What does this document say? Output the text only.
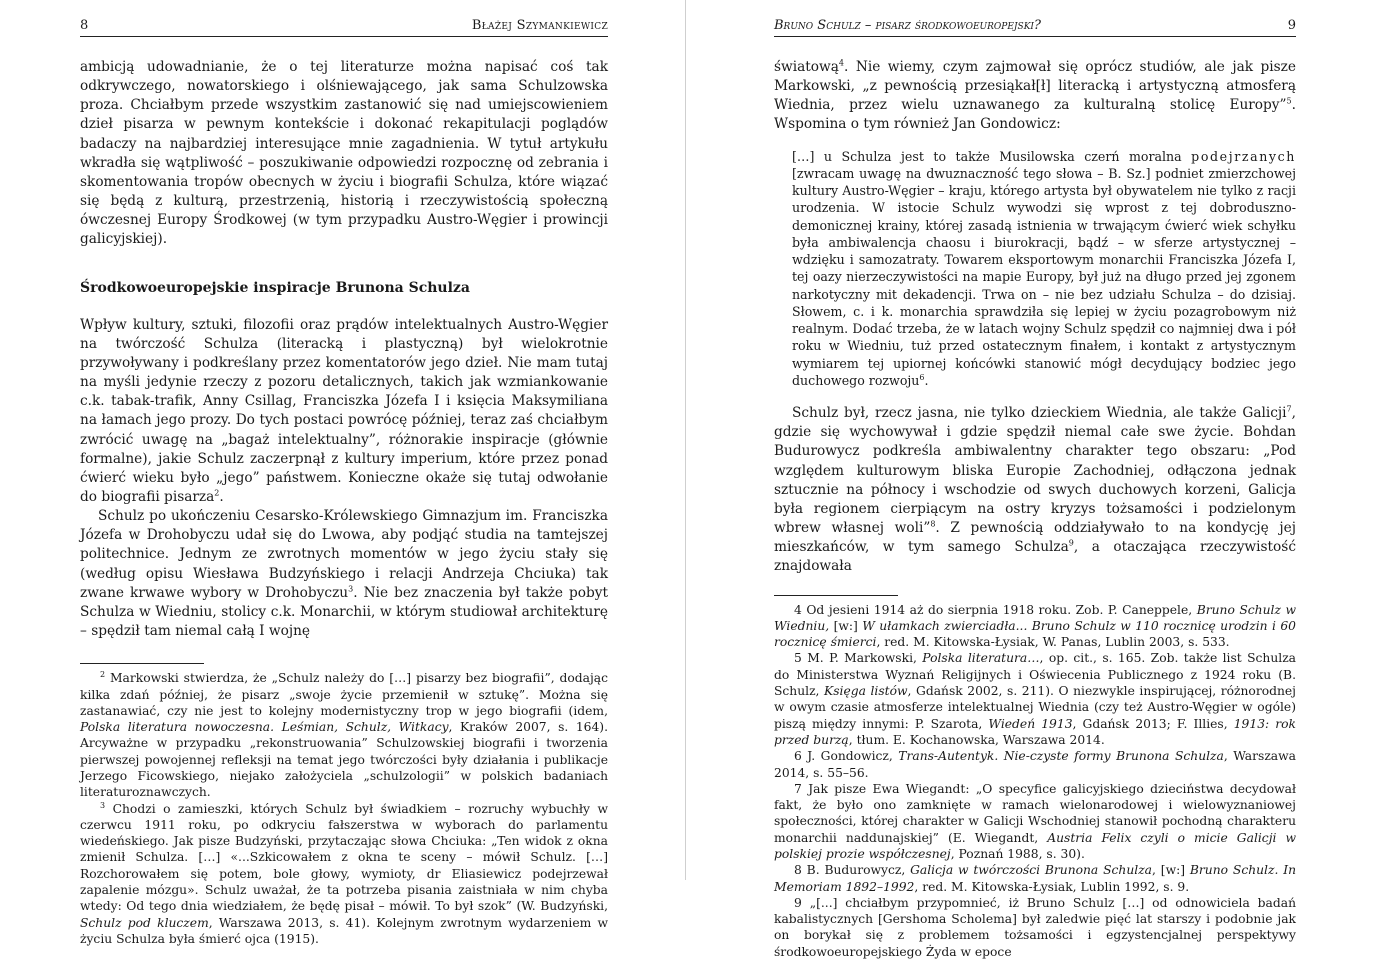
8	Błażej Szymankiewicz

ambicją udowadnianie, że o tej literaturze można napisać coś tak odkrywczego, nowatorskiego i olśniewającego, jak sama Schulzowska proza. Chciałbym przede wszystkim zastanowić się nad umiejscowieniem dzieł pisarza w pewnym kontekście i dokonać rekapitulacji poglądów badaczy na najbardziej interesujące mnie zagadnienia. W tytuł artykułu wkradła się wątpliwość – poszukiwanie odpowiedzi rozpocznę od zebrania i skomentowania tropów obecnych w życiu i biografii Schulza, które wiązać się będą z kulturą, przestrzenią, historią i rzeczywistością społeczną ówczesnej Europy Środkowej (w tym przypadku Austro-Węgier i prowincji galicyjskiej).

Środkowoeuropejskie inspiracje Brunona Schulza

Wpływ kultury, sztuki, filozofii oraz prądów intelektualnych Austro-Węgier na twórczość Schulza (literacką i plastyczną) był wielokrotnie przywoływany i podkreślany przez komentatorów jego dzieł. Nie mam tutaj na myśli jedynie rzeczy z pozoru detalicznych, takich jak wzmiankowanie c.k. tabak-trafik, Anny Csillag, Franciszka Józefa I i księcia Maksymiliana na łamach jego prozy. Do tych postaci powrócę później, teraz zaś chciałbym zwrócić uwagę na „bagaż intelektualny”, różnorakie inspiracje (głównie formalne), jakie Schulz zaczerpnął z kultury imperium, które przez ponad ćwierć wieku było „jego” państwem. Konieczne okaże się tutaj odwołanie do biografii pisarza$^2$.

Schulz po ukończeniu Cesarsko-Królewskiego Gimnazjum im. Franciszka Józefa w Drohobyczu udał się do Lwowa, aby podjąć studia na tamtejszej politechnice. Jednym ze zwrotnych momentów w jego życiu stały się (według opisu Wiesława Budzyńskiego i relacji Andrzeja Chciuka) tak zwane krwawe wybory w Drohobyczu$^3$. Nie bez znaczenia był także pobyt Schulza w Wiedniu, stolicy c.k. Monarchii, w którym studiował architekturę – spędził tam niemal całą I wojnę

$^2$ Markowski stwierdza, że „Schulz należy do […] pisarzy bez biografii”, dodając kilka zdań później, że pisarz „swoje życie przemienił w sztukę”. Można się zastanawiać, czy nie jest to kolejny modernistyczny trop w jego biografii (idem, Polska literatura nowoczesna. Leśmian, Schulz, Witkacy, Kraków 2007, s. 164). Arcyważne w przypadku „rekonstruowania” Schulzowskiej biografii i tworzenia pierwszej powojennej refleksji na temat jego twórczości były działania i publikacje Jerzego Ficowskiego, niejako założyciela „schulzologii” w polskich badaniach literaturoznawczych.

$^3$ Chodzi o zamieszki, których Schulz był świadkiem – rozruchy wybuchły w czerwcu 1911 roku, po odkryciu fałszerstwa w wyborach do parlamentu wiedeńskiego. Jak pisze Budzyński, przytaczając słowa Chciuka: „Ten widok z okna zmienił Schulza. […] «...Szkicowałem z okna te sceny – mówił Schulz. […] Rozchorowałem się potem, bole głowy, wymioty, dr Eliasiewicz podejrzewał zapalenie mózgu». Schulz uważał, że ta potrzeba pisania zaistniała w nim chyba wtedy: Od tego dnia wiedziałem, że będę pisał – mówił. To był szok” (W. Budzyński, Schulz pod kluczem, Warszawa 2013, s. 41). Kolejnym zwrotnym wydarzeniem w życiu Schulza była śmierć ojca (1915).

Bruno Schulz – pisarz środkowoeuropejski?	9

światową$^4$. Nie wiemy, czym zajmował się oprócz studiów, ale jak pisze Markowski, „z pewnością przesiąkał[ł] literacką i artystyczną atmosferą Wiednia, przez wielu uznawanego za kulturalną stolicę Europy”$^5$. Wspomina o tym również Jan Gondowicz:

[…] u Schulza jest to także Musilowska czerń moralna podejrzanych [zwracam uwagę na dwuznaczność tego słowa – B. Sz.] podniet zmierzchowej kultury Austro-Węgier – kraju, którego artysta był obywatelem nie tylko z racji urodzenia. W istocie Schulz wywodzi się wprost z tej dobroduszno-demonicznej krainy, której zasadą istnienia w trwającym ćwierć wiek schyłku była ambiwalencja chaosu i biurokracji, bądź – w sferze artystycznej – wdzięku i samozatraty. Towarem eksportowym monarchii Franciszka Józefa I, tej oazy nierzeczywistości na mapie Europy, był już na długo przed jej zgonem narkotyczny mit dekadencji. Trwa on – nie bez udziału Schulza – do dzisiaj. Słowem, c. i k. monarchia sprawdziła się lepiej w życiu pozagrobowym niż realnym. Dodać trzeba, że w latach wojny Schulz spędził co najmniej dwa i pół roku w Wiedniu, tuż przed ostatecznym finałem, i kontakt z artystycznym wymiarem tej upiornej końcówki stanowić mógł decydujący bodziec jego duchowego rozwoju$^6$.

Schulz był, rzecz jasna, nie tylko dzieckiem Wiednia, ale także Galicji$^7$, gdzie się wychowywał i gdzie spędził niemal całe swe życie. Bohdan Budurowycz podkreśla ambiwalentny charakter tego obszaru: „Pod względem kulturowym bliska Europie Zachodniej, odłączona jednak sztucznie na północy i wschodzie od swych duchowych korzeni, Galicja była regionem cierpiącym na ostry kryzys tożsamości i podzielonym wbrew własnej woli”$^8$. Z pewnością oddziaływało to na kondycję jej mieszkańców, w tym samego Schulza$^9$, a otaczająca rzeczywistość znajdowała

4 Od jesieni 1914 aż do sierpnia 1918 roku. Zob. P. Caneppele, Bruno Schulz w Wiedniu, [w:] W ułamkach zwierciadła... Bruno Schulz w 110 rocznicę urodzin i 60 rocznicę śmierci, red. M. Kitowska-Łysiak, W. Panas, Lublin 2003, s. 533.

5 M. P. Markowski, Polska literatura…, op. cit., s. 165. Zob. także list Schulza do Ministerstwa Wyznań Religijnych i Oświecenia Publicznego z 1924 roku (B. Schulz, Księga listów, Gdańsk 2002, s. 211). O niezwykle inspirującej, różnorodnej w owym czasie atmosferze intelektualnej Wiednia (czy też Austro-Węgier w ogóle) piszą między innymi: P. Szarota, Wiedeń 1913, Gdańsk 2013; F. Illies, 1913: rok przed burzą, tłum. E. Kochanowska, Warszawa 2014.

6 J. Gondowicz, Trans-Autentyk. Nie-czyste formy Brunona Schulza, Warszawa 2014, s. 55–56.

7 Jak pisze Ewa Wiegandt: „O specyfice galicyjskiego dzieciństwa decydował fakt, że było ono zamknięte w ramach wielonarodowej i wielowyznaniowej społeczności, której charakter w Galicji Wschodniej stanowił pochodną charakteru monarchii naddunajskiej” (E. Wiegandt, Austria Felix czyli o micie Galicji w polskiej prozie współczesnej, Poznań 1988, s. 30).

8 B. Budurowycz, Galicja w twórczości Brunona Schulza, [w:] Bruno Schulz. In Memoriam 1892–1992, red. M. Kitowska-Łysiak, Lublin 1992, s. 9.

9 „[...] chciałbym przypomnieć, iż Bruno Schulz […] od odnowiciela badań kabalistycznych [Gershoma Scholema] był zaledwie pięć lat starszy i podobnie jak on borykał się z problemem tożsamości i egzystencjalnej perspektywy środkowoeuropejskiego Żyda w epoce
